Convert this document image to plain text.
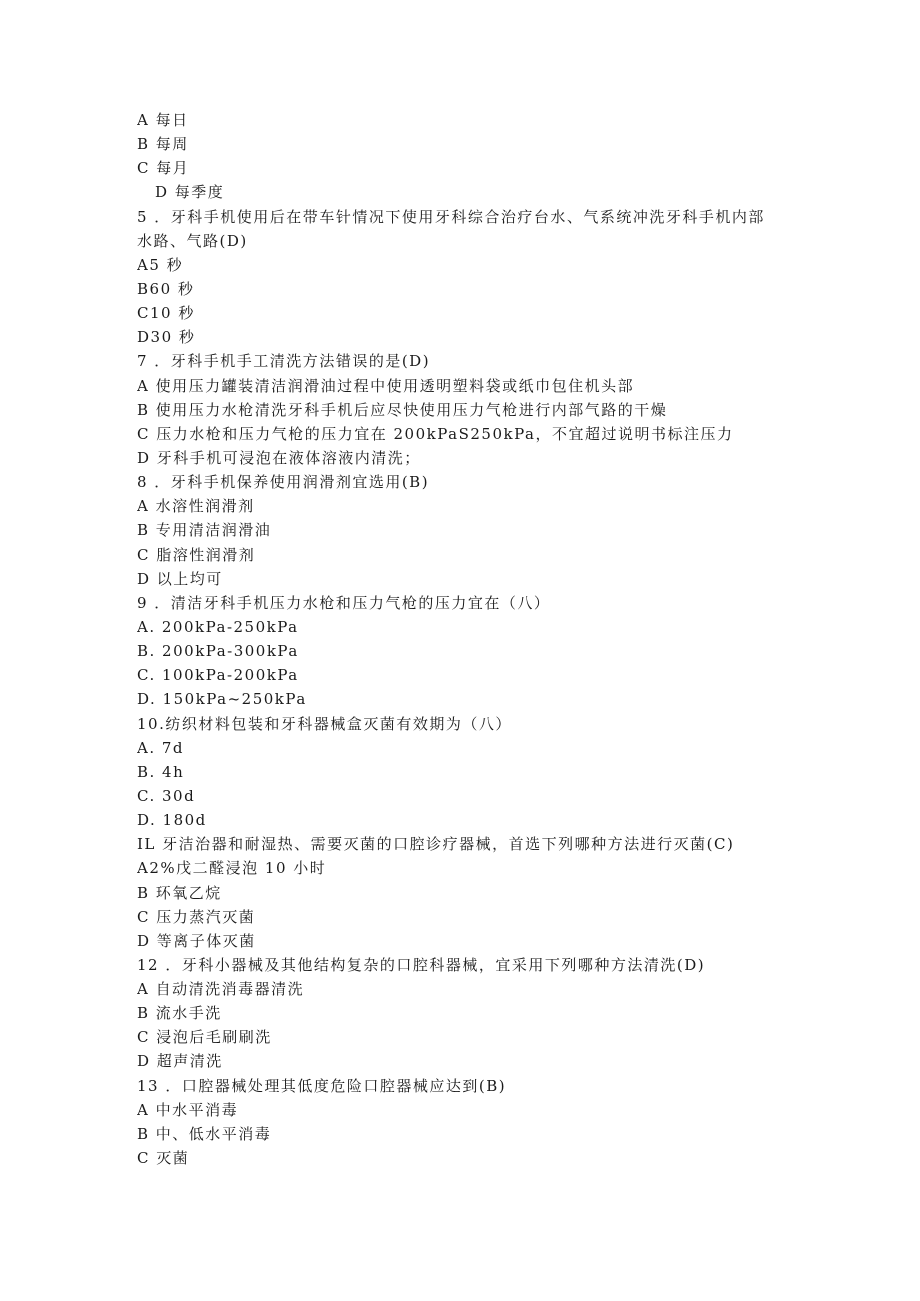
A 每日
B 每周
C 每月
D 每季度
5 ．牙科手机使用后在带车针情况下使用牙科综合治疗台水、气系统冲洗牙科手机内部
水路、气路(D)
A5 秒
B60 秒
C10 秒
D30 秒
7 ．牙科手机手工清洗方法错误的是(D)
A 使用压力罐装清洁润滑油过程中使用透明塑料袋或纸巾包住机头部
B 使用压力水枪清洗牙科手机后应尽快使用压力气枪进行内部气路的干燥
C 压力水枪和压力气枪的压力宜在 200kPaS250kPa，不宜超过说明书标注压力
D 牙科手机可浸泡在液体溶液内清洗；
8 ．牙科手机保养使用润滑剂宜选用(B)
A 水溶性润滑剂
B 专用清洁润滑油
C 脂溶性润滑剂
D 以上均可
9 ．清洁牙科手机压力水枪和压力气枪的压力宜在（八）
A. 200kPa-250kPa
B. 200kPa-300kPa
C. 100kPa-200kPa
D. 150kPa~250kPa
10.纺织材料包装和牙科器械盒灭菌有效期为（八）
A. 7d
B. 4h
C. 30d
D. 180d
IL 牙洁治器和耐湿热、需要灭菌的口腔诊疗器械，首选下列哪种方法进行灭菌(C)
A2%戊二醛浸泡 10 小时
B 环氧乙烷
C 压力蒸汽灭菌
D 等离子体灭菌
12 ．牙科小器械及其他结构复杂的口腔科器械，宜采用下列哪种方法清洗(D)
A 自动清洗消毒器清洗
B 流水手洗
C 浸泡后毛刷刷洗
D 超声清洗
13 ．口腔器械处理其低度危险口腔器械应达到(B)
A 中水平消毒
B 中、低水平消毒
C 灭菌
